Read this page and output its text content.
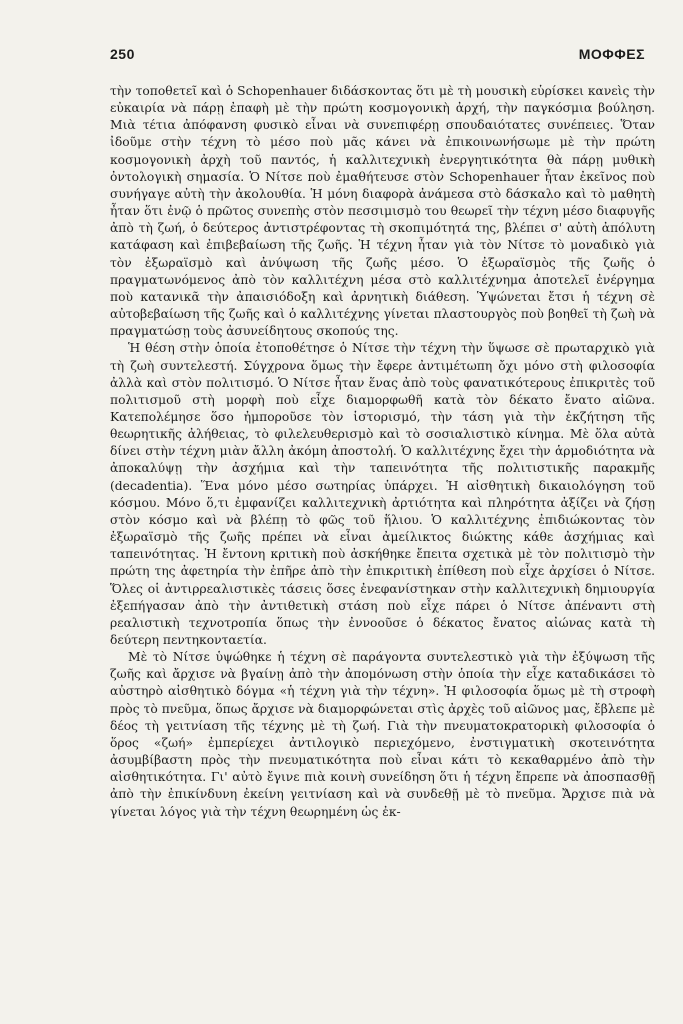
250	ΜΟΦΦΕΣ

τὴν τοποθετεῖ καὶ ὁ Schopenhauer διδάσκοντας ὅτι μὲ τὴ μουσικὴ εὑρίσκει κανεὶς τὴν εὐκαιρία νὰ πάρῃ ἐπαφὴ μὲ τὴν πρώτη κοσμογονικὴ ἀρχή, τὴν παγκόσμια βούληση. Μιὰ τέτια ἀπόφανση φυσικὸ εἶναι νὰ συνεπιφέρῃ σπουδαιότατες συνέπειες. Ὅταν ἰδοῦμε στὴν τέχνη τὸ μέσο ποὺ μᾶς κάνει νὰ ἐπικοινωνήσωμε μὲ τὴν πρώτη κοσμογονικὴ ἀρχὴ τοῦ παντός, ἡ καλλιτεχνικὴ ἐνεργητικότητα θὰ πάρῃ μυθικὴ ὀντολογικὴ σημασία. Ὁ Νίτσε ποὺ ἐμαθήτευσε στὸν Schopenhauer ἦταν ἐκεῖνος ποὺ συνήγαγε αὐτὴ τὴν ἀκολουθία. Ἡ μόνη διαφορὰ ἀνάμεσα στὸ δάσκαλο καὶ τὸ μαθητὴ ἦταν ὅτι ἐνῷ ὁ πρῶτος συνεπὴς στὸν πεσσιμισμὸ του θεωρεῖ τὴν τέχνη μέσο διαφυγῆς ἀπὸ τὴ ζωή, ὁ δεύτερος ἀντιστρέφοντας τὴ σκοπιμότητά της, βλέπει σ' αὐτὴ ἀπόλυτη κατάφαση καὶ ἐπιβεβαίωση τῆς ζωῆς. Ἡ τέχνη ἦταν γιὰ τὸν Νίτσε τὸ μοναδικὸ γιὰ τὸν ἐξωραϊσμὸ καὶ ἀνύψωση τῆς ζωῆς μέσο. Ὁ ἐξωραϊσμὸς τῆς ζωῆς ὁ πραγματωνόμενος ἀπὸ τὸν καλλιτέχνη μέσα στὸ καλλιτέχνημα ἀποτελεῖ ἐνέργημα ποὺ κατανικᾶ τὴν ἀπαισιόδοξη καὶ ἀρνητικὴ διάθεση. Ὑψώνεται ἔτσι ἡ τέχνη σὲ αὐτοβεβαίωση τῆς ζωῆς καὶ ὁ καλλιτέχνης γίνεται πλαστουργὸς ποὺ βοηθεῖ τὴ ζωὴ νὰ πραγματώσῃ τοὺς ἀσυνείδητους σκοπούς της.

Ἡ θέση στὴν ὁποία ἐτοποθέτησε ὁ Νίτσε τὴν τέχνη τὴν ὕψωσε σὲ πρωταρχικὸ γιὰ τὴ ζωὴ συντελεστή. Σύγχρονα ὅμως τὴν ἔφερε ἀντιμέτωπη ὄχι μόνο στὴ φιλοσοφία ἀλλὰ καὶ στὸν πολιτισμό. Ὁ Νίτσε ἦταν ἕνας ἀπὸ τοὺς φανατικότερους ἐπικριτὲς τοῦ πολιτισμοῦ στὴ μορφὴ ποὺ εἶχε διαμορφωθῆ κατὰ τὸν δέκατο ἔνατο αἰῶνα. Κατεπολέμησε ὅσο ἠμποροῦσε τὸν ἱστορισμό, τὴν τάση γιὰ τὴν ἐκζήτηση τῆς θεωρητικῆς ἀλήθειας, τὸ φιλελευθερισμὸ καὶ τὸ σοσιαλιστικὸ κίνημα. Μὲ ὅλα αὐτὰ δίνει στὴν τέχνη μιὰν ἄλλη ἀκόμη ἀποστολή. Ὁ καλλιτέχνης ἔχει τὴν ἁρμοδιότητα νὰ ἀποκαλύψῃ τὴν ἀσχήμια καὶ τὴν ταπεινότητα τῆς πολιτιστικῆς παρακμῆς (decadentia). Ἕνα μόνο μέσο σωτηρίας ὑπάρχει. Ἡ αἰσθητικὴ δικαιολόγηση τοῦ κόσμου. Μόνο ὅ,τι ἐμφανίζει καλλιτεχνικὴ ἀρτιότητα καὶ πληρότητα ἀξίζει νὰ ζήσῃ στὸν κόσμο καὶ νὰ βλέπῃ τὸ φῶς τοῦ ἥλιου. Ὁ καλλιτέχνης ἐπιδιώκοντας τὸν ἐξωραϊσμὸ τῆς ζωῆς πρέπει νὰ εἶναι ἀμείλικτος διώκτης κάθε ἀσχήμιας καὶ ταπεινότητας. Ἡ ἔντονη κριτικὴ ποὺ ἀσκήθηκε ἔπειτα σχετικὰ μὲ τὸν πολιτισμὸ τὴν πρώτη της ἀφετηρία τὴν ἐπῆρε ἀπὸ τὴν ἐπικριτικὴ ἐπίθεση ποὺ εἶχε ἀρχίσει ὁ Νίτσε. Ὅλες οἱ ἀντιρρεαλιστικὲς τάσεις ὅσες ἐνεφανίστηκαν στὴν καλλιτεχνικὴ δημιουργία ἐξεπήγασαν ἀπὸ τὴν ἀντιθετικὴ στάση ποὺ εἶχε πάρει ὁ Νίτσε ἀπέναντι στὴ ρεαλιστικὴ τεχνοτροπία ὅπως τὴν ἐννοοῦσε ὁ δέκατος ἔνατος αἰώνας κατὰ τὴ δεύτερη πεντηκονταετία.

Μὲ τὸ Νίτσε ὑψώθηκε ἡ τέχνη σὲ παράγοντα συντελεστικὸ γιὰ τὴν ἐξύψωση τῆς ζωῆς καὶ ἄρχισε νὰ βγαίνῃ ἀπὸ τὴν ἀπομόνωση στὴν ὁποία τὴν εἶχε καταδικάσει τὸ αὐστηρὸ αἰσθητικὸ δόγμα «ἡ τέχνη γιὰ τὴν τέχνη». Ἡ φιλοσοφία ὅμως μὲ τὴ στροφὴ πρὸς τὸ πνεῦμα, ὅπως ἄρχισε νὰ διαμορφώνεται στὶς ἀρχὲς τοῦ αἰῶνος μας, ἔβλεπε μὲ δέος τὴ γειτνίαση τῆς τέχνης μὲ τὴ ζωή. Γιὰ τὴν πνευματοκρατορικὴ φιλοσοφία ὁ ὅρος «ζωή» ἐμπερίεχει ἀντιλογικὸ περιεχόμενο, ἐνστιγματικὴ σκοτεινότητα ἀσυμβίβαστη πρὸς τὴν πνευματικότητα ποὺ εἶναι κάτι τὸ κεκαθαρμένο ἀπὸ τὴν αἰσθητικότητα. Γι' αὐτὸ ἔγινε πιὰ κοινὴ συνείδηση ὅτι ἡ τέχνη ἔπρεπε νὰ ἀποσπασθῇ ἀπὸ τὴν ἐπικίνδυνη ἐκείνη γειτνίαση καὶ νὰ συνδεθῇ μὲ τὸ πνεῦμα. Ἄρχισε πιὰ νὰ γίνεται λόγος γιὰ τὴν τέχνη θεωρημένη ὡς ἐκ-
